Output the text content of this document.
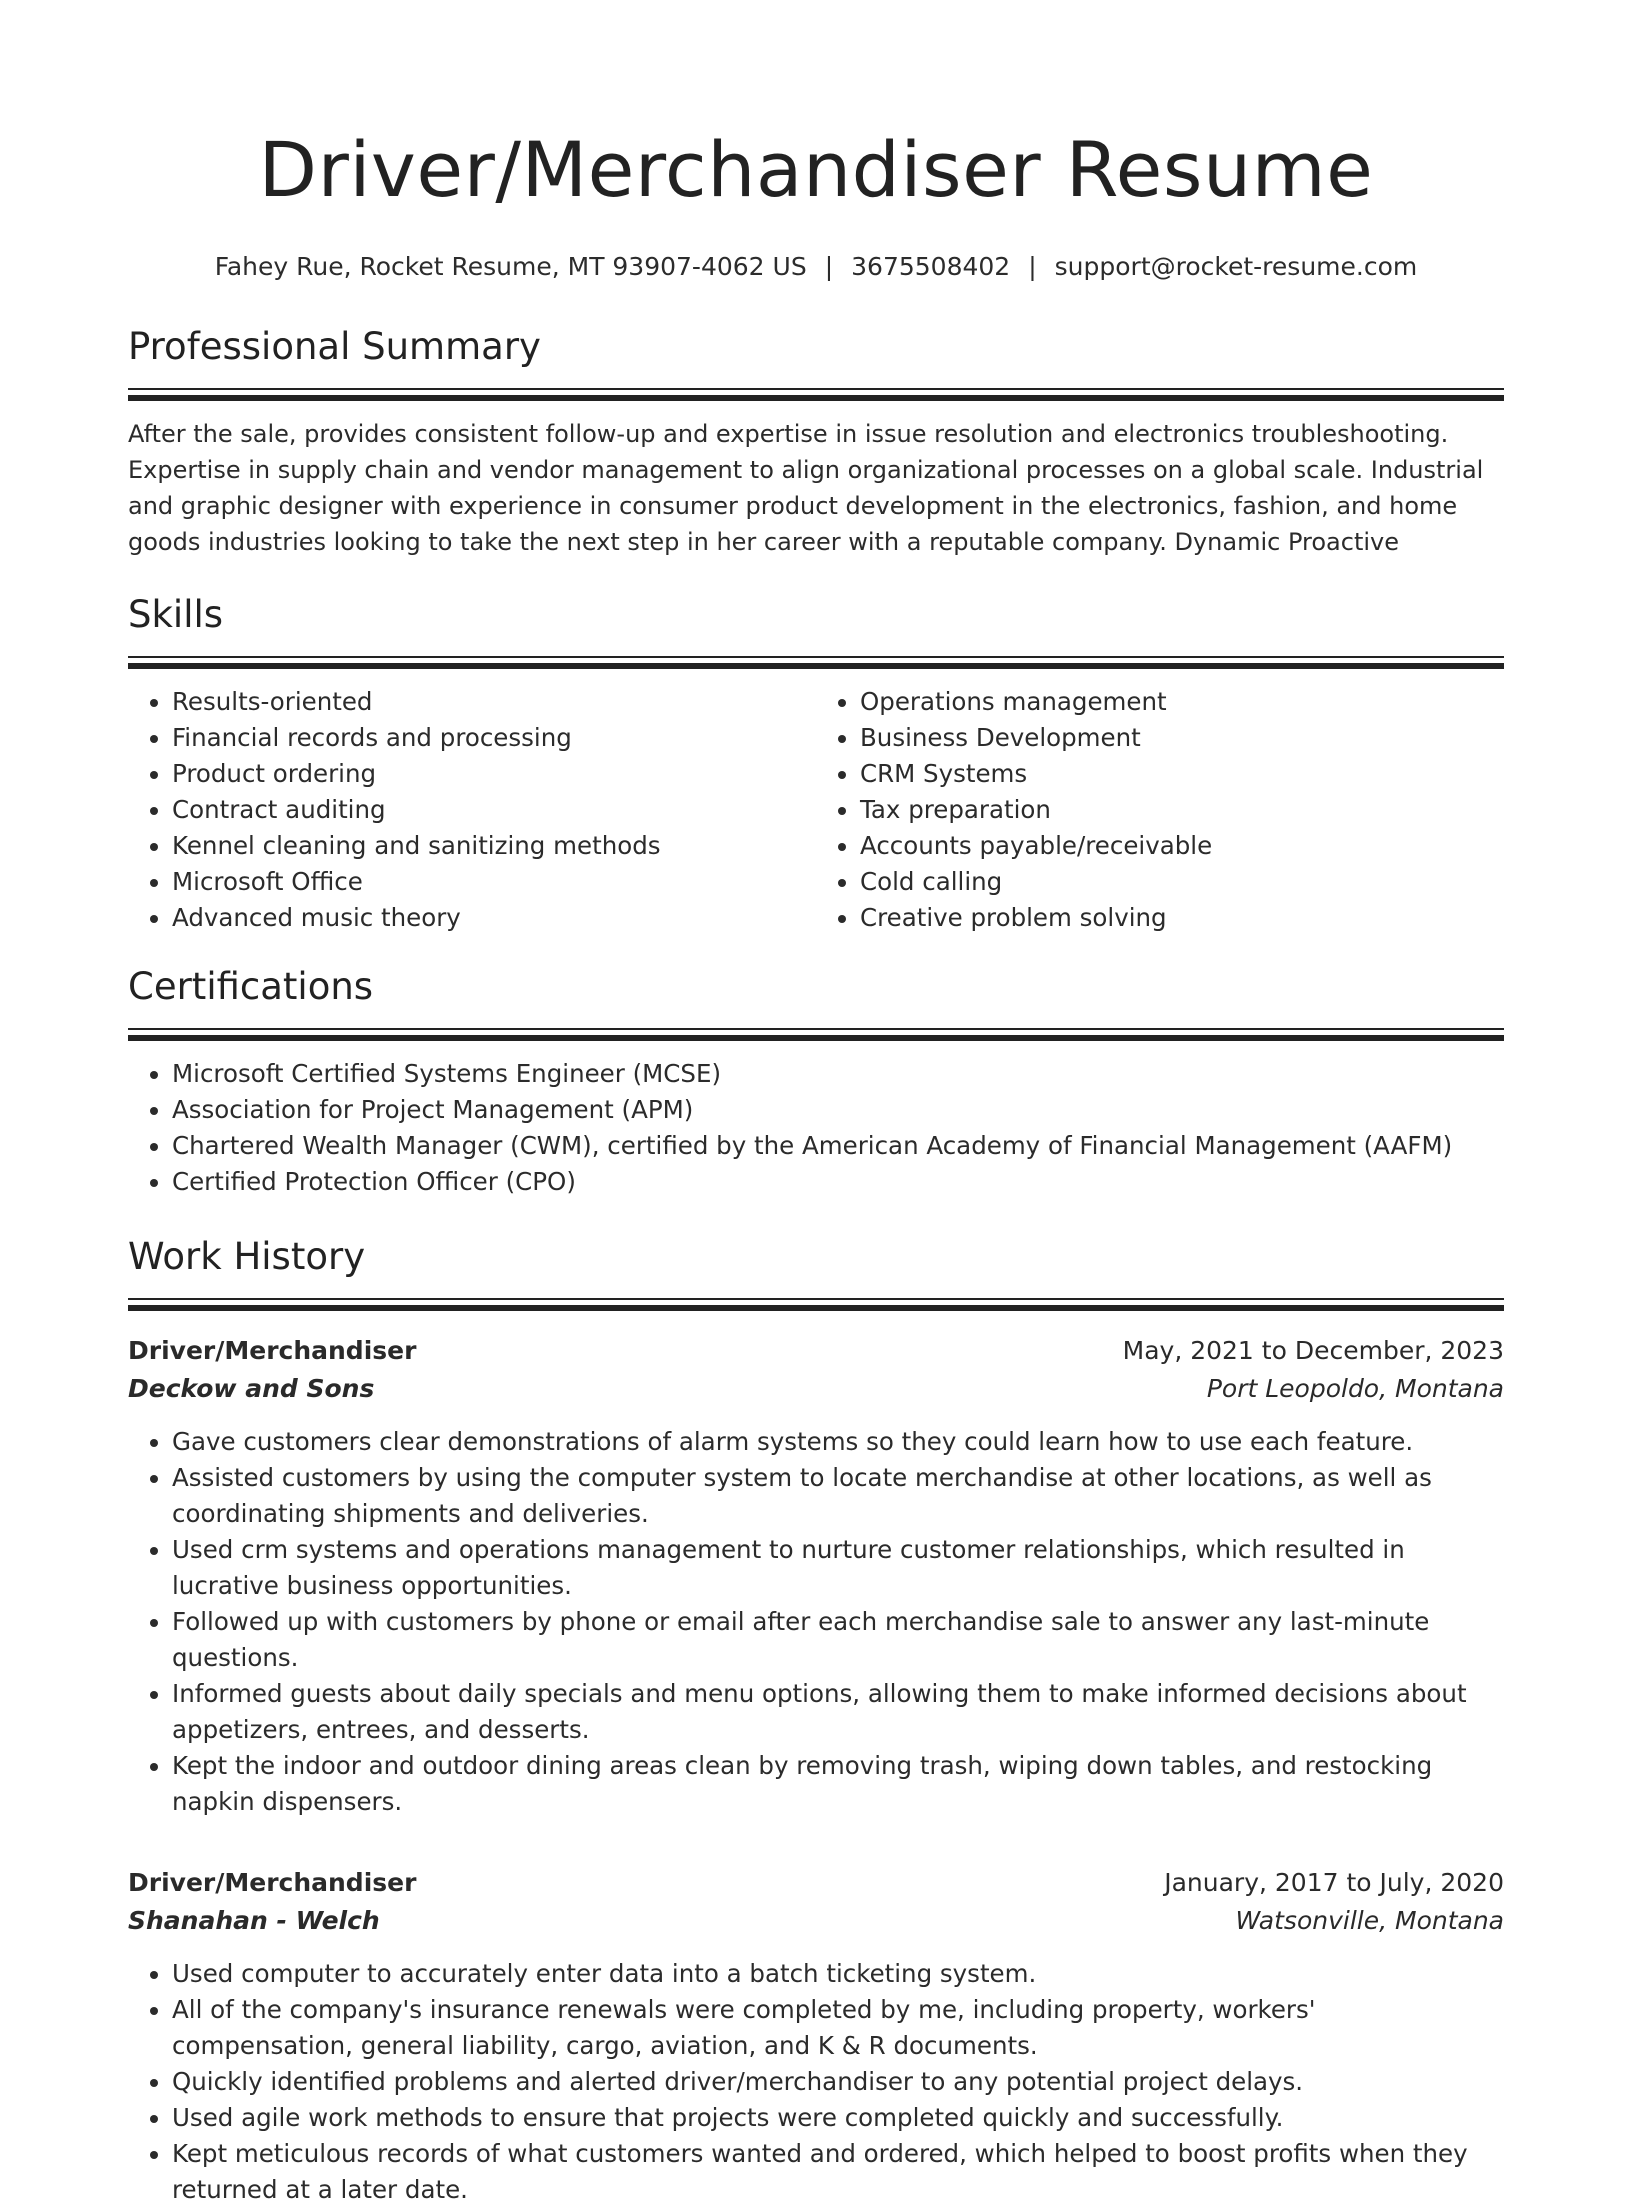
Driver/Merchandiser Resume
Fahey Rue, Rocket Resume, MT 93907-4062 US | 3675508402 | support@rocket-resume.com
Professional Summary

After the sale, provides consistent follow-up and expertise in issue resolution and electronics troubleshooting. Expertise in supply chain and vendor management to align organizational processes on a global scale. Industrial and graphic designer with experience in consumer product development in the electronics, fashion, and home goods industries looking to take the next step in her career with a reputable company. Dynamic Proactive

Skills
• Results-oriented
• Financial records and processing
• Product ordering
• Contract auditing
• Kennel cleaning and sanitizing methods
• Microsoft Office
• Advanced music theory
• Operations management
• Business Development
• CRM Systems
• Tax preparation
• Accounts payable/receivable
• Cold calling
• Creative problem solving
Certifications
• Microsoft Certified Systems Engineer (MCSE)
• Association for Project Management (APM)
• Chartered Wealth Manager (CWM), certified by the American Academy of Financial Management (AAFM)
• Certified Protection Officer (CPO)
Work History
Driver/Merchandiser	May, 2021 to December, 2023
Deckow and Sons	Port Leopoldo, Montana
• Gave customers clear demonstrations of alarm systems so they could learn how to use each feature.
• Assisted customers by using the computer system to locate merchandise at other locations, as well as coordinating shipments and deliveries.
• Used crm systems and operations management to nurture customer relationships, which resulted in lucrative business opportunities.
• Followed up with customers by phone or email after each merchandise sale to answer any last-minute questions.
• Informed guests about daily specials and menu options, allowing them to make informed decisions about appetizers, entrees, and desserts.
• Kept the indoor and outdoor dining areas clean by removing trash, wiping down tables, and restocking napkin dispensers.
Driver/Merchandiser	January, 2017 to July, 2020
Shanahan - Welch	Watsonville, Montana
• Used computer to accurately enter data into a batch ticketing system.
• All of the company's insurance renewals were completed by me, including property, workers' compensation, general liability, cargo, aviation, and K & R documents.
• Quickly identified problems and alerted driver/merchandiser to any potential project delays.
• Used agile work methods to ensure that projects were completed quickly and successfully.
• Kept meticulous records of what customers wanted and ordered, which helped to boost profits when they returned at a later date.
